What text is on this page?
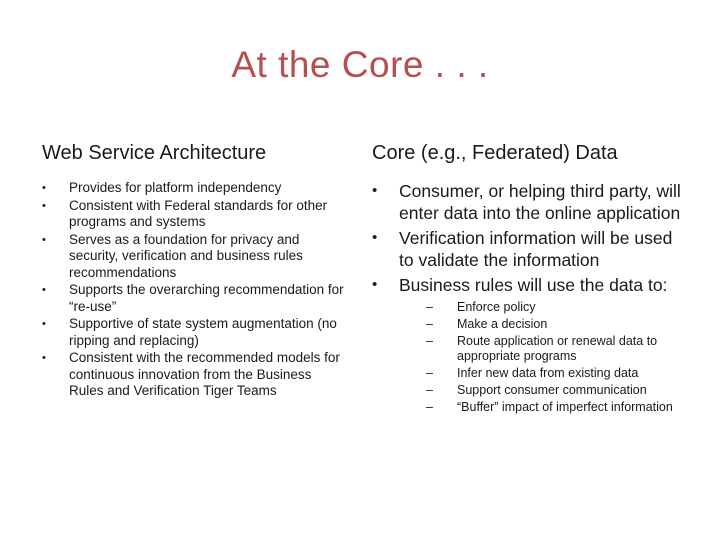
At the Core . . .
Web Service Architecture
• Provides for platform independency
• Consistent with Federal standards for other programs and systems
• Serves as a foundation for privacy and security, verification and business rules recommendations
• Supports the overarching recommendation for “re-use”
• Supportive of state system augmentation (no ripping and replacing)
• Consistent with the recommended models for continuous innovation from the Business Rules and Verification Tiger Teams
Core (e.g., Federated) Data
• Consumer, or helping third party, will enter data into the online application
• Verification information will be used to validate the information
• Business rules will use the data to:
– Enforce policy
– Make a decision
– Route application or renewal data to appropriate programs
– Infer new data from existing data
– Support consumer communication
– “Buffer” impact of imperfect information
